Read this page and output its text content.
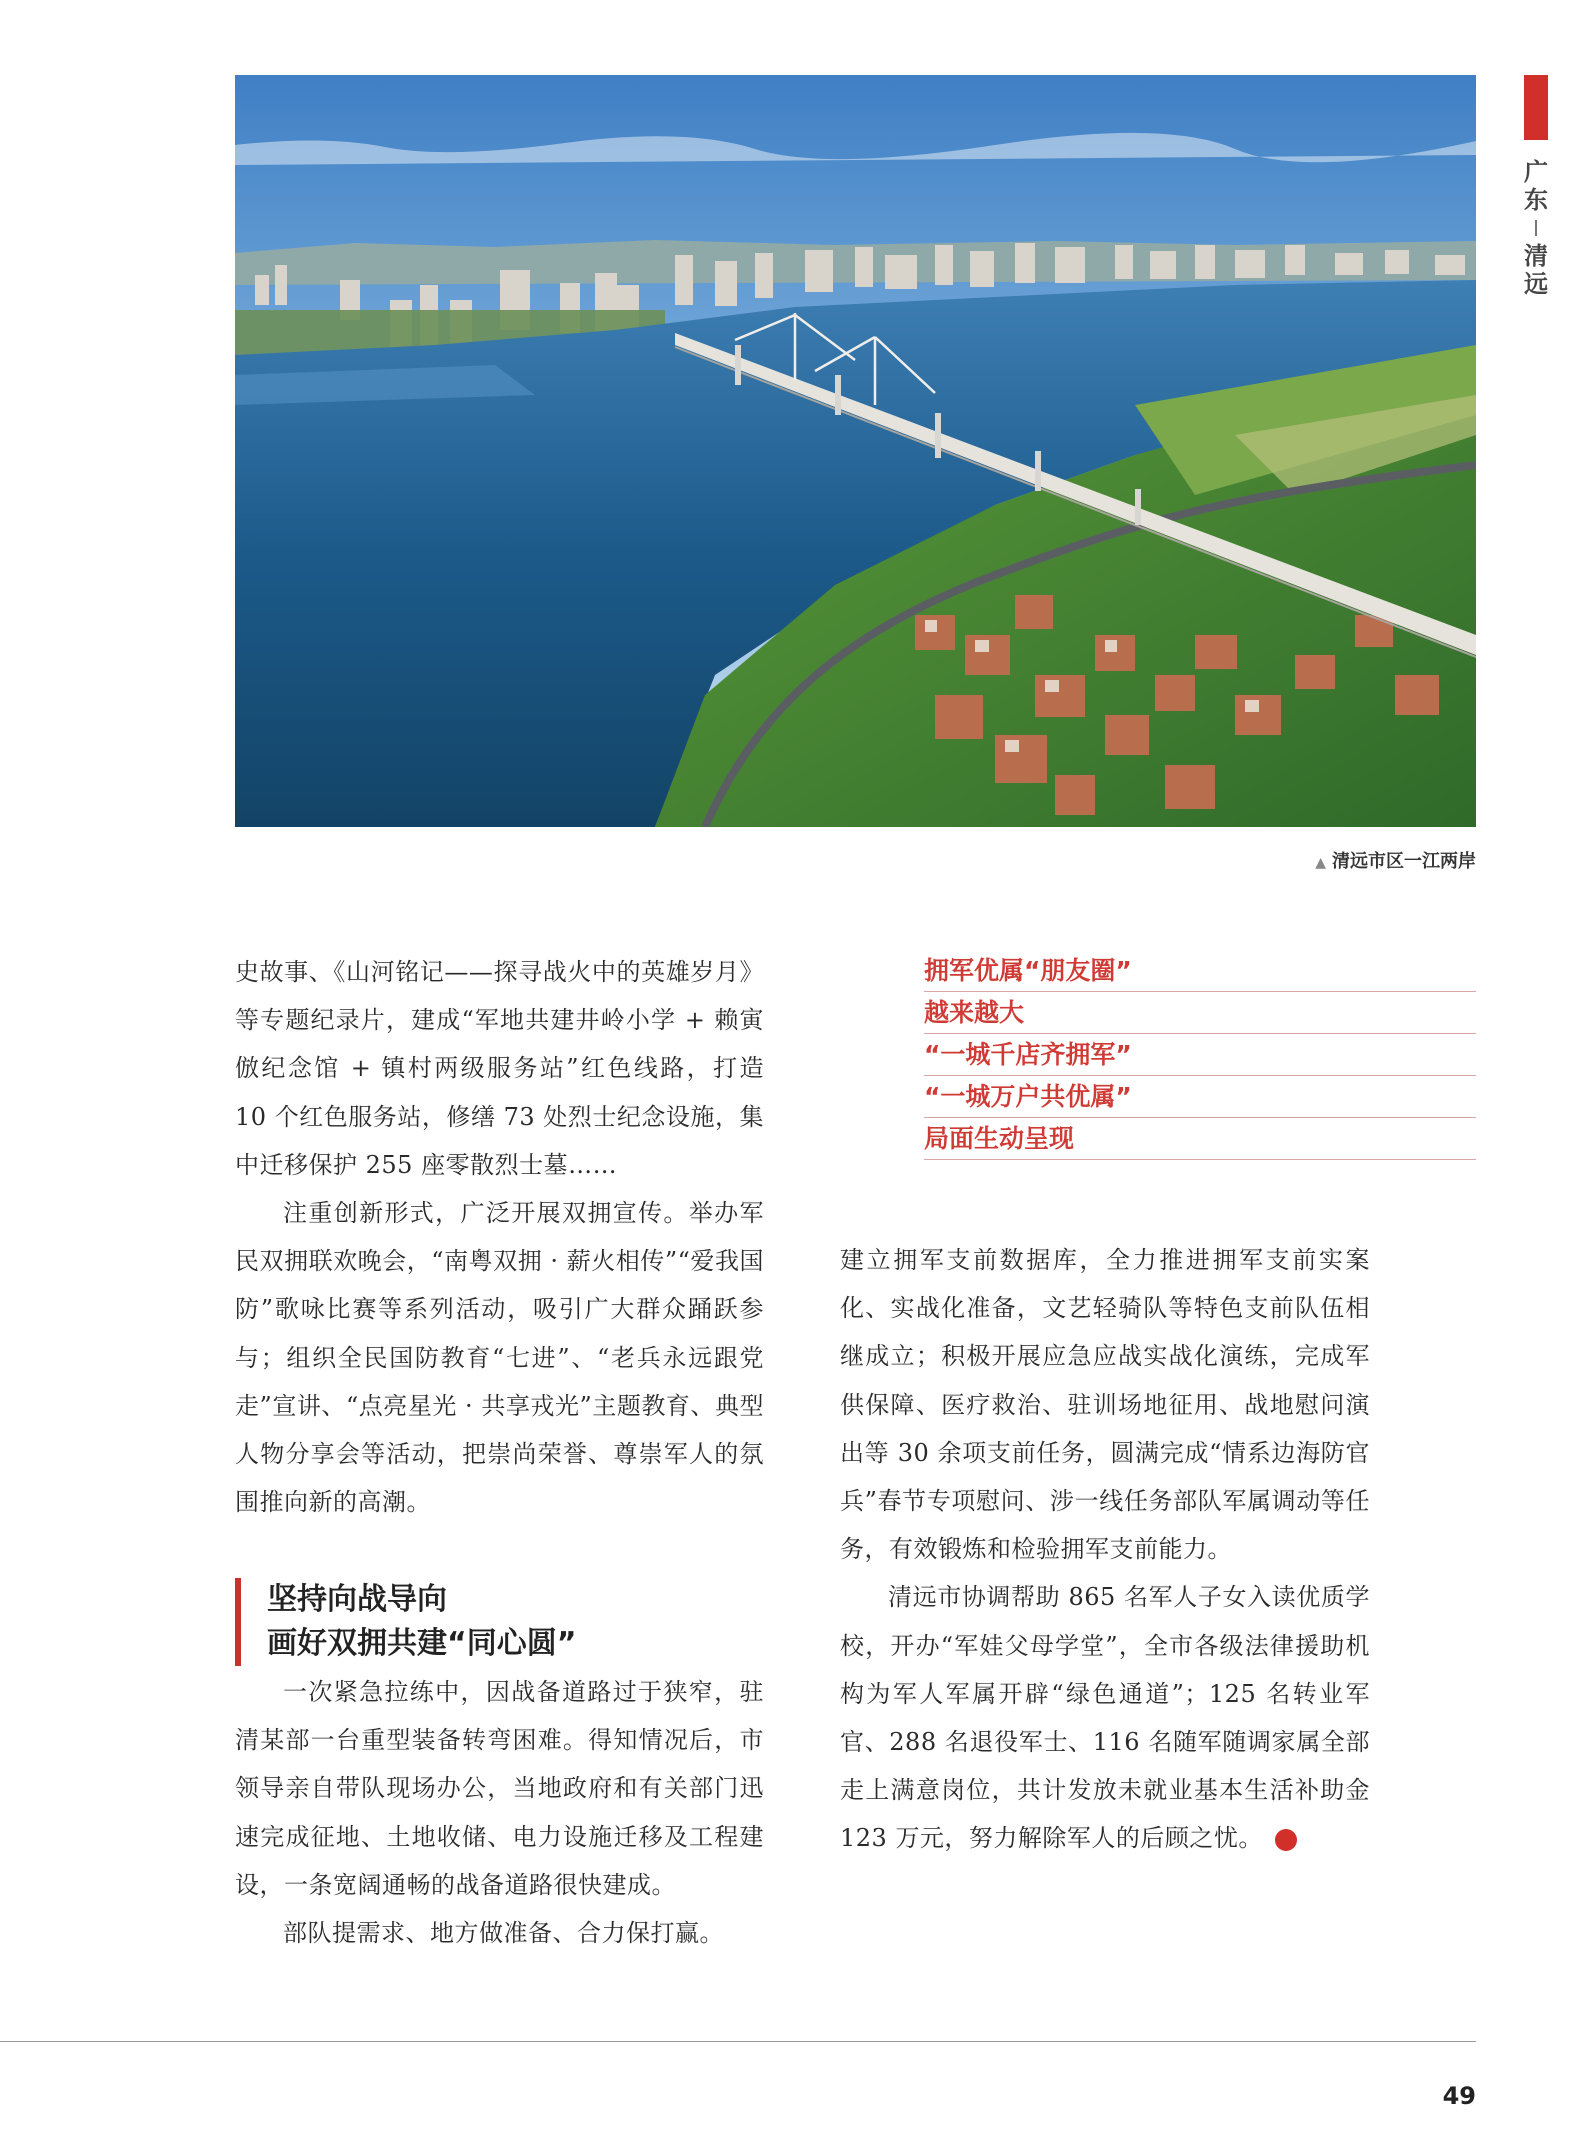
广东
清远
▲ 清远市区一江两岸

史故事、《山河铭记——探寻战火中的英雄岁月》等专题纪录片，建成“军地共建井岭小学 + 赖寅倣纪念馆 + 镇村两级服务站”红色线路，打造 10 个红色服务站，修缮 73 处烈士纪念设施，集中迁移保护 255 座零散烈士墓……

注重创新形式，广泛开展双拥宣传。举办军民双拥联欢晚会，“南粤双拥 · 薪火相传”“爱我国防”歌咏比赛等系列活动，吸引广大群众踊跃参与；组织全民国防教育“七进”、“老兵永远跟党走”宣讲、“点亮星光 · 共享戎光”主题教育、典型人物分享会等活动，把崇尚荣誉、尊崇军人的氛围推向新的高潮。

坚持向战导向
画好双拥共建“同心圆”

一次紧急拉练中，因战备道路过于狭窄，驻清某部一台重型装备转弯困难。得知情况后，市领导亲自带队现场办公，当地政府和有关部门迅速完成征地、土地收储、电力设施迁移及工程建设，一条宽阔通畅的战备道路很快建成。

部队提需求、地方做准备、合力保打赢。

拥军优属“朋友圈”
越来越大
“一城千店齐拥军”
“一城万户共优属”
局面生动呈现

建立拥军支前数据库，全力推进拥军支前实案化、实战化准备，文艺轻骑队等特色支前队伍相继成立；积极开展应急应战实战化演练，完成军供保障、医疗救治、驻训场地征用、战地慰问演出等 30 余项支前任务，圆满完成“情系边海防官兵”春节专项慰问、涉一线任务部队军属调动等任务，有效锻炼和检验拥军支前能力。

清远市协调帮助 865 名军人子女入读优质学校，开办“军娃父母学堂”，全市各级法律援助机构为军人军属开辟“绿色通道”；125 名转业军官、288 名退役军士、116 名随军随调家属全部走上满意岗位，共计发放未就业基本生活补助金 123 万元，努力解除军人的后顾之忧。	N

49
